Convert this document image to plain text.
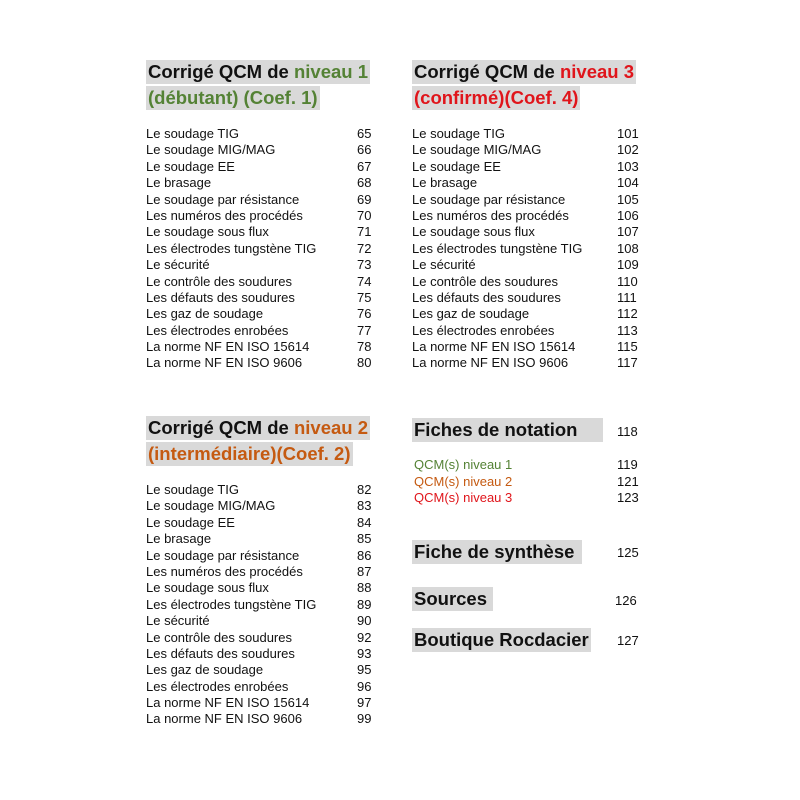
Corrigé QCM de niveau 1
(débutant) (Coef. 1)
Le soudage TIG	65
Le soudage MIG/MAG	66
Le soudage EE	67
Le brasage	68
Le soudage par résistance	69
Les numéros des procédés	70
Le soudage sous flux	71
Les électrodes tungstène TIG	72
Le sécurité	73
Le contrôle des soudures	74
Les défauts des soudures	75
Les gaz de soudage	76
Les électrodes enrobées	77
La norme NF EN ISO 15614	78
La norme NF EN ISO 9606	80
Corrigé QCM de niveau 3
(confirmé)(Coef. 4)
Le soudage TIG	101
Le soudage MIG/MAG	102
Le soudage EE	103
Le brasage	104
Le soudage par résistance	105
Les numéros des procédés	106
Le soudage sous flux	107
Les électrodes tungstène TIG	108
Le sécurité	109
Le contrôle des soudures	110
Les défauts des soudures	111
Les gaz de soudage	112
Les électrodes enrobées	113
La norme NF EN ISO 15614	115
La norme NF EN ISO 9606	117
Corrigé QCM de niveau 2
(intermédiaire)(Coef. 2)
Le soudage TIG	82
Le soudage MIG/MAG	83
Le soudage EE	84
Le brasage	85
Le soudage par résistance	86
Les numéros des procédés	87
Le soudage sous flux	88
Les électrodes tungstène TIG	89
Le sécurité	90
Le contrôle des soudures	92
Les défauts des soudures	93
Les gaz de soudage	95
Les électrodes enrobées	96
La norme NF EN ISO 15614	97
La norme NF EN ISO 9606	99
Fiches de notation	118
QCM(s) niveau 1	119
QCM(s) niveau 2	121
QCM(s) niveau 3	123
Fiche de synthèse	125
Sources	126
Boutique Rocdacier 127
